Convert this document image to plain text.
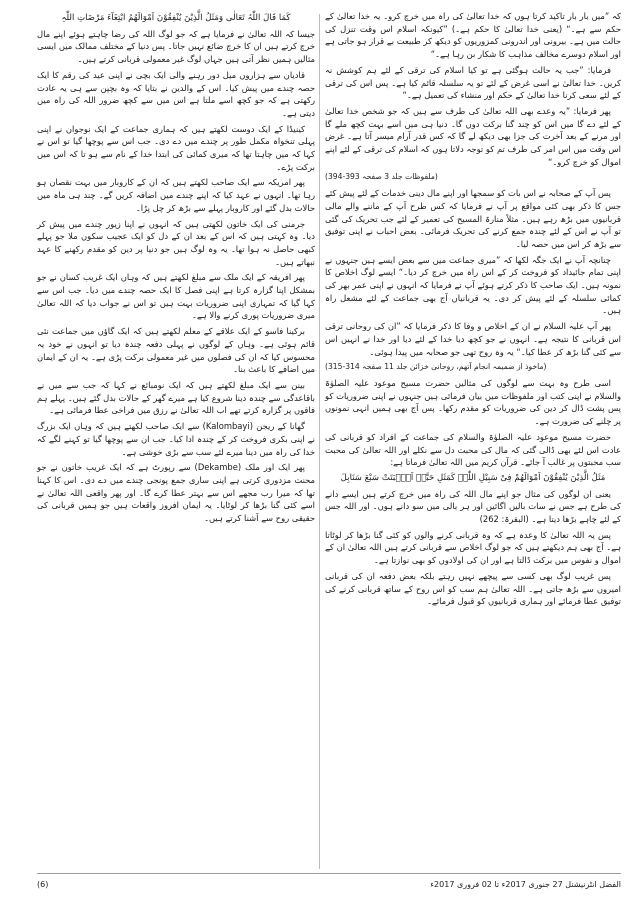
کہ ”میں بار بار تاکید کرتا ہوں کہ خدا تعالیٰ کی راہ میں خرچ کرو۔ یہ خدا تعالیٰ کے حکم سے ہے۔“ (یعنی خدا تعالیٰ کا حکم ہے۔) ”کیونکہ اسلام اس وقت تنزل کی حالت میں ہے۔ بیرونی اور اندرونی کمزوریوں کو دیکھ کر طبیعت بے قرار ہو جاتی ہے اور اسلام دوسرے مخالف مذاہب کا شکار بن رہا ہے۔“

فرمایا: ”جب یہ حالت ہوگئی ہے تو کیا اسلام کی ترقی کے لئے ہم کوشش نہ کریں۔ خدا تعالیٰ نے اسی غرض کے لئے تو یہ سلسلہ قائم کیا ہے۔ پس اس کی ترقی کے لئے سعی کرنا خدا تعالیٰ کے حکم اور منشاء کی تعمیل ہے۔“

پھر فرمایا: ”یہ وعدے بھی اللہ تعالیٰ کی طرف سے ہیں کہ جو شخص خدا تعالیٰ کے لئے دے گا میں اس کو چند گنا برکت دوں گا۔ دنیا ہی میں اسے بہت کچھ ملے گا اور مرنے کے بعد آخرت کی جزا بھی دیکھ لے گا کہ کس قدر آرام میسر آتا ہے۔ غرض اس وقت میں اس امر کی طرف تم کو توجہ دلاتا ہوں کہ اسلام کی ترقی کے لئے اپنے اموال کو خرچ کرو۔“

(ملفوظات جلد 3 صفحہ 393-394)

پس آپ کے صحابہ نے اس بات کو سمجھا اور اپنے مال دینی خدمات کے لئے پیش کئے جس کا ذکر بھی کئی مواقع پر آپ نے فرمایا کہ کس طرح آپ کے ماننے والے مالی قربانیوں میں بڑھ رہے ہیں۔ مثلاً منارۃ المسیح کی تعمیر کے لئے جب تحریک کی گئی تو آپ نے اس کے لئے چندہ جمع کرنے کی تحریک فرمائی۔ بعض احباب نے اپنی توفیق سے بڑھ کر اس میں حصہ لیا۔

چنانچہ آپ نے ایک جگہ لکھا کہ ”میری جماعت میں سے بعض ایسے ہیں جنہوں نے اپنی تمام جائیداد کو فروخت کر کے اس راہ میں خرچ کر دیا۔“ ایسے لوگ اخلاص کا نمونہ ہیں۔ ایک صاحب کا ذکر کرتے ہوئے آپ نے فرمایا کہ انہوں نے اپنی عمر بھر کی کمائی سلسلہ کے لئے پیش کر دی۔ یہ قربانیاں آج بھی جماعت کے لئے مشعل راہ ہیں۔

پھر آپ علیہ السلام نے ان کے اخلاص و وفا کا ذکر فرمایا کہ ”ان کی روحانی ترقی اس قربانی کا نتیجہ ہے۔ انہوں نے جو کچھ دیا خدا کے لئے دیا اور خدا نے انہیں اس سے کئی گنا بڑھ کر عطا کیا۔“ یہ وہ روح تھی جو صحابہ میں پیدا ہوئی۔

(ماخوذ از ضمیمہ انجام آتھم، روحانی خزائن جلد 11 صفحہ 314-315)

اسی طرح وہ بہت سے لوگوں کی مثالیں حضرت مسیح موعود علیہ الصلوٰۃ والسلام نے اپنی کتب اور ملفوظات میں بیان فرمائی ہیں جنہوں نے اپنی ضروریات کو پس پشت ڈال کر دین کی ضروریات کو مقدم رکھا۔ پس آج بھی ہمیں انہی نمونوں پر چلنے کی ضرورت ہے۔

حضرت مسیح موعود علیہ الصلوٰۃ والسلام کی جماعت کے افراد کو قربانی کی عادت اس لئے بھی ڈالی گئی کہ مال کی محبت دل سے نکلے اور اللہ تعالیٰ کی محبت سب محبتوں پر غالب آ جائے۔ قرآن کریم میں اللہ تعالیٰ فرماتا ہے:

مَثَلُ الَّذِیْنَ یُنْفِقُوْنَ اَمْوَالَھُمْ فِیْ سَبِیْلِ اللّٰہِ کَمَثَلِ حَبَّۃٍ اَنْۢبَتَتْ سَبْعَ سَنَابِلَ

یعنی ان لوگوں کی مثال جو اپنے مال اللہ کی راہ میں خرچ کرتے ہیں ایسے دانے کی طرح ہے جس نے سات بالیں اگائیں اور ہر بالی میں سو دانے ہوں۔ اور اللہ جس کے لئے چاہے بڑھا دیتا ہے۔ (البقرۃ: 262)

پس یہ اللہ تعالیٰ کا وعدہ ہے کہ وہ قربانی کرنے والوں کو کئی گنا بڑھا کر لوٹاتا ہے۔ آج بھی ہم دیکھتے ہیں کہ جو لوگ اخلاص سے قربانی کرتے ہیں اللہ تعالیٰ ان کے اموال و نفوس میں برکت ڈالتا ہے اور ان کی اولادوں کو بھی نوازتا ہے۔

پس غریب لوگ بھی کسی سے پیچھے نہیں رہتے بلکہ بعض دفعہ ان کی قربانی امیروں سے بڑھ جاتی ہے۔ اللہ تعالیٰ ہم سب کو اس روح کے ساتھ قربانی کرنے کی توفیق عطا فرمائے اور ہماری قربانیوں کو قبول فرمائے۔

کَمَا قَالَ اللّٰہُ تَعَالٰی وَمَثَلُ الَّذِیْنَ یُنْفِقُوْنَ اَمْوَالَھُمُ ابْتِغَآءَ مَرْضَاتِ اللّٰہِ

جیسا کہ اللہ تعالیٰ نے فرمایا ہے کہ جو لوگ اللہ کی رضا چاہتے ہوئے اپنے مال خرچ کرتے ہیں ان کا خرچ ضائع نہیں جاتا۔ پس دنیا کے مختلف ممالک میں ایسی مثالیں ہمیں نظر آتی ہیں جہاں لوگ غیر معمولی قربانی کرتے ہیں۔

قادیان سے ہزاروں میل دور رہنے والی ایک بچی نے اپنی عید کی رقم کا ایک حصہ چندے میں پیش کیا۔ اس کے والدین نے بتایا کہ وہ بچپن سے ہی یہ عادت رکھتی ہے کہ جو کچھ اسے ملتا ہے اس میں سے کچھ ضرور اللہ کی راہ میں دیتی ہے۔

کینیڈا کے ایک دوست لکھتے ہیں کہ ہماری جماعت کے ایک نوجوان نے اپنی پہلی تنخواہ مکمل طور پر چندے میں دے دی۔ جب اس سے پوچھا گیا تو اس نے کہا کہ میں چاہتا تھا کہ میری کمائی کی ابتدا خدا کے نام سے ہو تا کہ اس میں برکت پڑے۔

پھر امریکہ سے ایک صاحب لکھتے ہیں کہ ان کے کاروبار میں بہت نقصان ہو رہا تھا۔ انہوں نے عہد کیا کہ اپنے چندے میں اضافہ کریں گے۔ چند ہی ماہ میں حالات بدل گئے اور کاروبار پہلے سے بڑھ کر چل پڑا۔

جرمنی کی ایک خاتون لکھتی ہیں کہ انہوں نے اپنا زیور چندے میں پیش کر دیا۔ وہ کہتی ہیں کہ اس کے بعد ان کے دل کو ایک عجیب سکون ملا جو پہلے کبھی حاصل نہ ہوا تھا۔ یہ وہ لوگ ہیں جو دنیا پر دین کو مقدم رکھنے کا عہد نبھاتے ہیں۔

پھر افریقہ کے ایک ملک سے مبلغ لکھتے ہیں کہ وہاں ایک غریب کسان نے جو بمشکل اپنا گزارہ کرتا ہے اپنی فصل کا ایک حصہ چندے میں دیا۔ جب اس سے کہا گیا کہ تمہاری اپنی ضروریات بہت ہیں تو اس نے جواب دیا کہ اللہ تعالیٰ میری ضروریات پوری کرنے والا ہے۔

برکینا فاسو کے ایک علاقے کے معلم لکھتے ہیں کہ ایک گاؤں میں جماعت نئی قائم ہوئی ہے۔ وہاں کے لوگوں نے پہلی دفعہ چندہ دیا تو انہوں نے خود یہ محسوس کیا کہ ان کی فصلوں میں غیر معمولی برکت پڑی ہے۔ یہ ان کے ایمان میں اضافے کا باعث بنا۔

بینن سے ایک مبلغ لکھتے ہیں کہ ایک نومبائع نے کہا کہ جب سے میں نے باقاعدگی سے چندہ دینا شروع کیا ہے میرے گھر کے حالات بدل گئے ہیں۔ پہلے ہم فاقوں پر گزارہ کرتے تھے اب اللہ تعالیٰ نے رزق میں فراخی عطا فرمائی ہے۔

گھانا کے ریجن (Kalombayi) سے ایک صاحب لکھتے ہیں کہ وہاں ایک بزرگ نے اپنی بکری فروخت کر کے چندہ ادا کیا۔ جب ان سے پوچھا گیا تو کہنے لگے کہ خدا کی راہ میں دینا میرے لئے سب سے بڑی خوشی ہے۔

پھر ایک اور ملک (Dekambe) سے رپورٹ ہے کہ ایک غریب خاتون نے جو محنت مزدوری کرتی ہے اپنی ساری جمع پونجی چندے میں دے دی۔ اس کا کہنا تھا کہ میرا رب مجھے اس سے بہتر عطا کرے گا۔ اور پھر واقعی اللہ تعالیٰ نے اسے کئی گنا بڑھا کر لوٹایا۔ یہ ایمان افروز واقعات ہیں جو ہمیں قربانی کی حقیقی روح سے آشنا کرتے ہیں۔

الفضل انٹرنیشنل 27 جنوری 2017ء تا 02 فروری 2017ء
(6)
